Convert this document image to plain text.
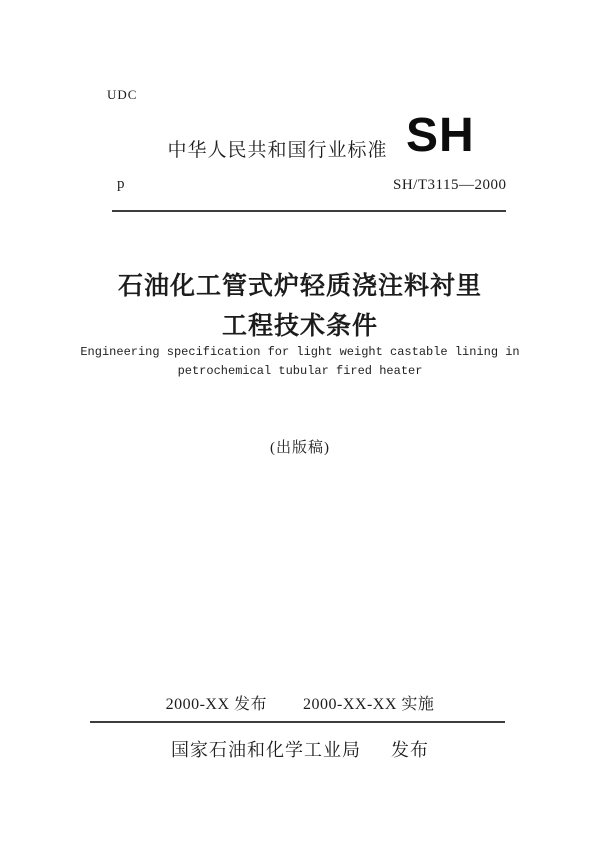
UDC
中华人民共和国行业标准 SH
p	SH/T3115—2000
石油化工管式炉轻质浇注料衬里
工程技术条件
Engineering specification for light weight castable lining in
petrochemical tubular fired heater
(出版稿)
2000-XX 发布 2000-XX-XX 实施
国家石油和化学工业局 发布
